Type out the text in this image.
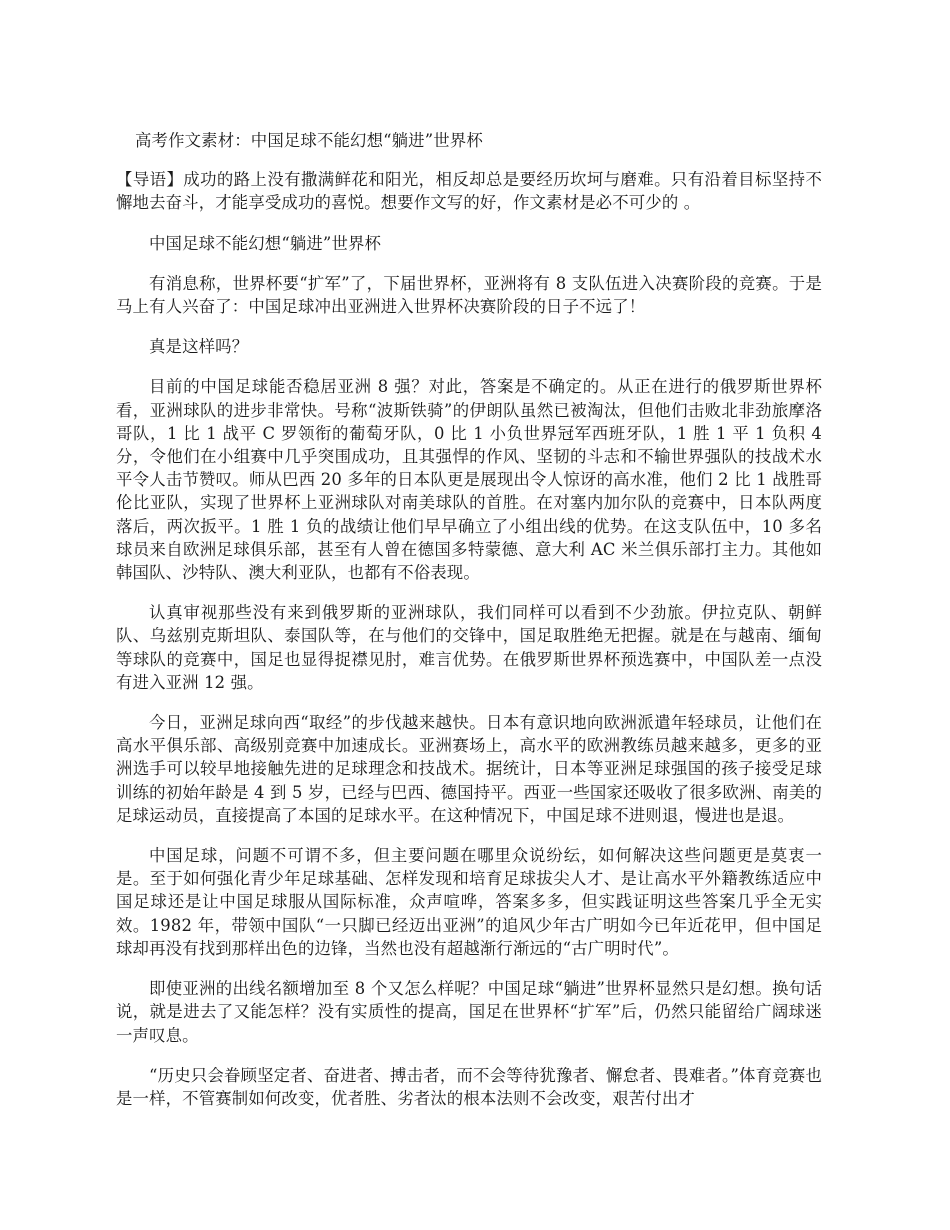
高考作文素材：中国足球不能幻想“躺进”世界杯

【导语】成功的路上没有撒满鲜花和阳光，相反却总是要经历坎坷与磨难。只有沿着目标坚持不懈地去奋斗，才能享受成功的喜悦。想要作文写的好，作文素材是必不可少的 。

中国足球不能幻想“躺进”世界杯

有消息称，世界杯要“扩军”了，下届世界杯，亚洲将有 8 支队伍进入决赛阶段的竞赛。于是马上有人兴奋了：中国足球冲出亚洲进入世界杯决赛阶段的日子不远了！

真是这样吗？

目前的中国足球能否稳居亚洲 8 强？对此，答案是不确定的。从正在进行的俄罗斯世界杯看，亚洲球队的进步非常快。号称“波斯铁骑”的伊朗队虽然已被淘汰，但他们击败北非劲旅摩洛哥队，1 比 1 战平 C 罗领衔的葡萄牙队，0 比 1 小负世界冠军西班牙队，1 胜 1 平 1 负积 4 分，令他们在小组赛中几乎突围成功，且其强悍的作风、坚韧的斗志和不输世界强队的技战术水平令人击节赞叹。师从巴西 20 多年的日本队更是展现出令人惊讶的高水准，他们 2 比 1 战胜哥伦比亚队，实现了世界杯上亚洲球队对南美球队的首胜。在对塞内加尔队的竞赛中，日本队两度落后，两次扳平。1 胜 1 负的战绩让他们早早确立了小组出线的优势。在这支队伍中，10 多名球员来自欧洲足球俱乐部，甚至有人曾在德国多特蒙德、意大利 AC 米兰俱乐部打主力。其他如韩国队、沙特队、澳大利亚队，也都有不俗表现。

认真审视那些没有来到俄罗斯的亚洲球队，我们同样可以看到不少劲旅。伊拉克队、朝鲜队、乌兹别克斯坦队、泰国队等，在与他们的交锋中，国足取胜绝无把握。就是在与越南、缅甸等球队的竞赛中，国足也显得捉襟见肘，难言优势。在俄罗斯世界杯预选赛中，中国队差一点没有进入亚洲 12 强。

今日，亚洲足球向西“取经”的步伐越来越快。日本有意识地向欧洲派遣年轻球员，让他们在高水平俱乐部、高级别竞赛中加速成长。亚洲赛场上，高水平的欧洲教练员越来越多，更多的亚洲选手可以较早地接触先进的足球理念和技战术。据统计，日本等亚洲足球强国的孩子接受足球训练的初始年龄是 4 到 5 岁，已经与巴西、德国持平。西亚一些国家还吸收了很多欧洲、南美的足球运动员，直接提高了本国的足球水平。在这种情况下，中国足球不进则退，慢进也是退。

中国足球，问题不可谓不多，但主要问题在哪里众说纷纭，如何解决这些问题更是莫衷一是。至于如何强化青少年足球基础、怎样发现和培育足球拔尖人才、是让高水平外籍教练适应中国足球还是让中国足球服从国际标准，众声喧哗，答案多多，但实践证明这些答案几乎全无实效。1982 年，带领中国队“一只脚已经迈出亚洲”的追风少年古广明如今已年近花甲，但中国足球却再没有找到那样出色的边锋，当然也没有超越渐行渐远的“古广明时代”。

即使亚洲的出线名额增加至 8 个又怎么样呢？中国足球“躺进”世界杯显然只是幻想。换句话说，就是进去了又能怎样？没有实质性的提高，国足在世界杯“扩军”后，仍然只能留给广阔球迷一声叹息。

“历史只会眷顾坚定者、奋进者、搏击者，而不会等待犹豫者、懈怠者、畏难者。”体育竞赛也是一样，不管赛制如何改变，优者胜、劣者汰的根本法则不会改变，艰苦付出才
